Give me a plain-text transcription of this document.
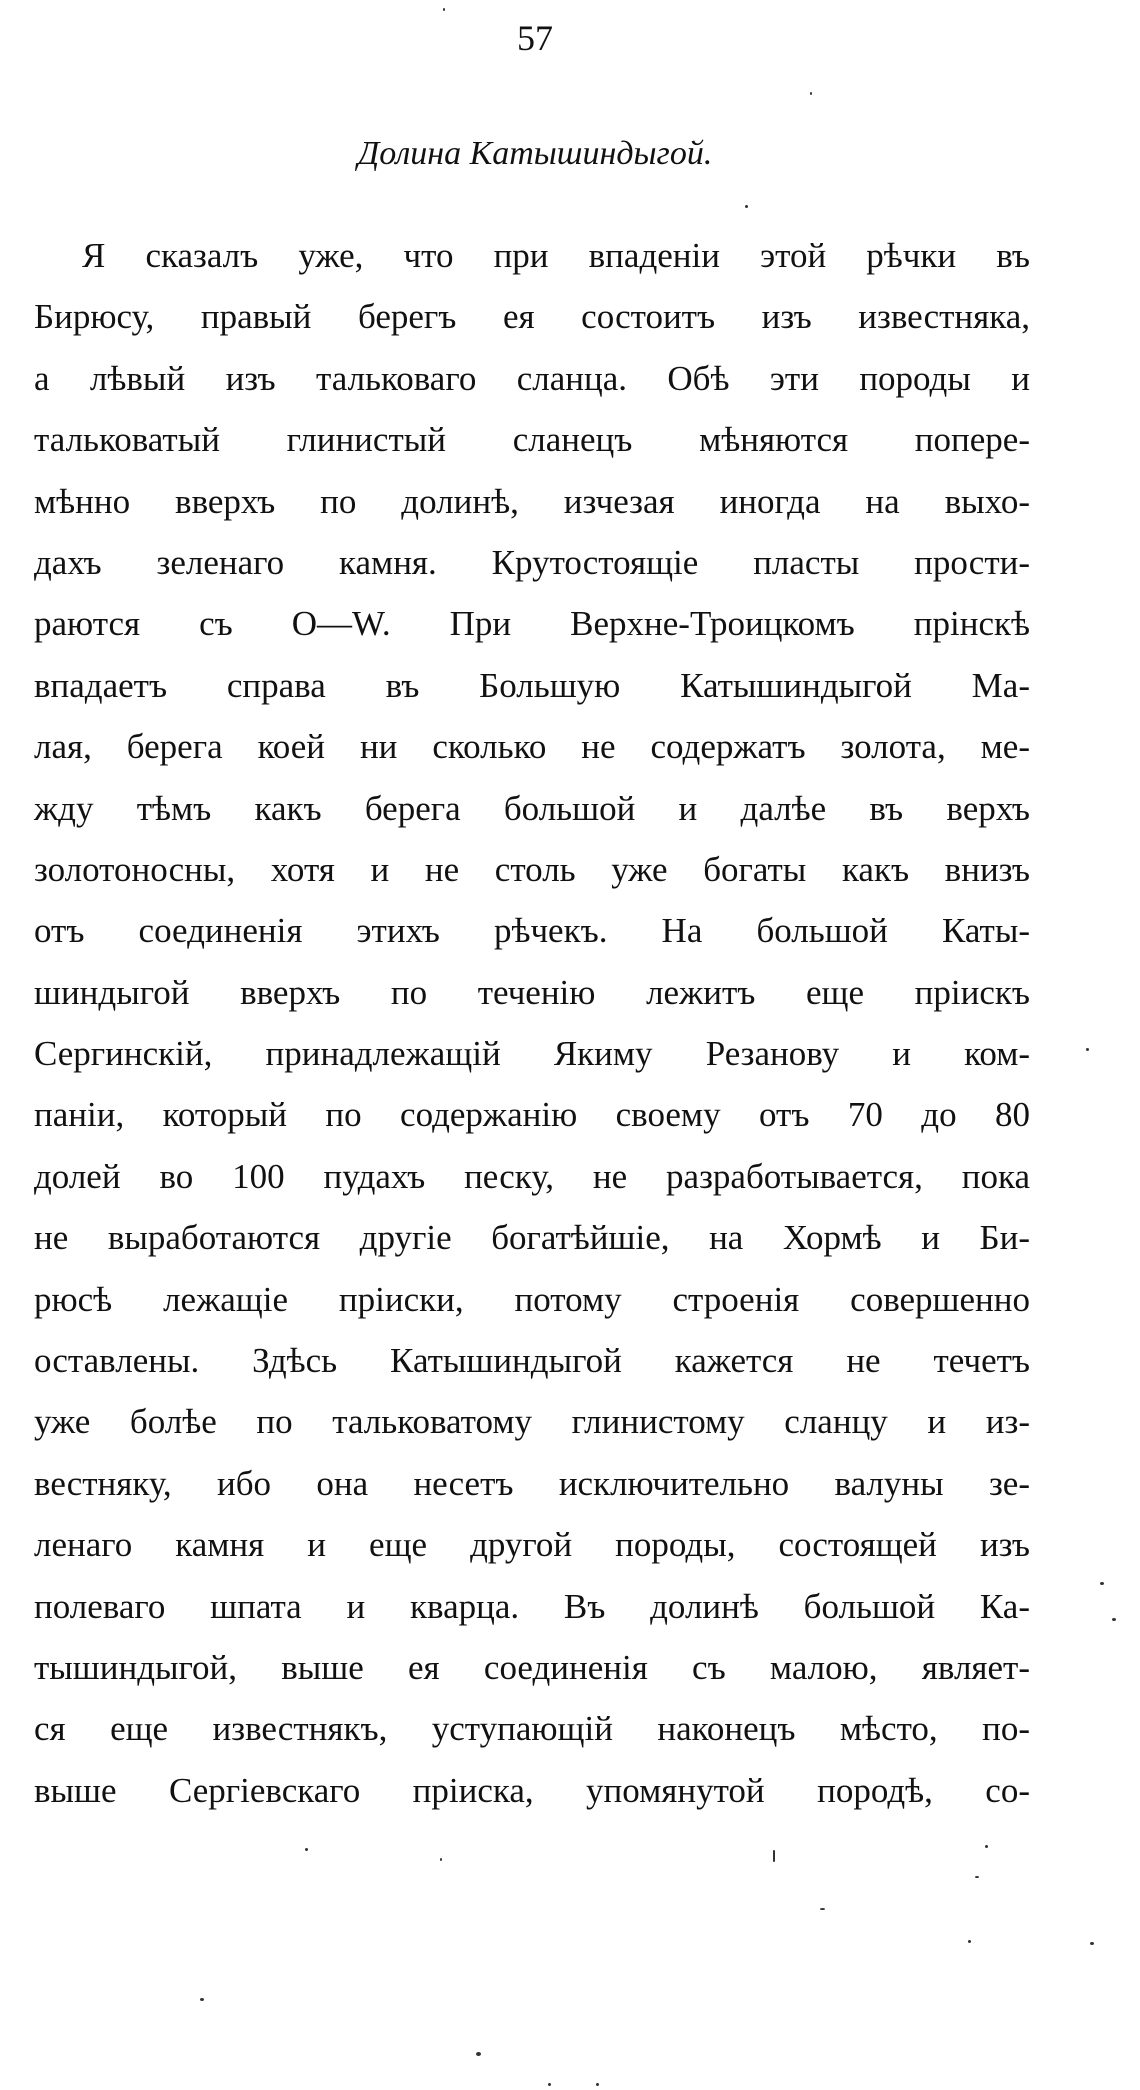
57
Долина Катышиндыгой.
Я сказалъ уже, что при впаденіи этой рѣчки въ
Бирюсу, правый берегъ ея состоитъ изъ известняка,
а лѣвый изъ тальковаго сланца. Обѣ эти породы и
тальковатый глинистый сланецъ мѣняются попере-
мѣнно вверхъ по долинѣ, изчезая иногда на выхо-
дахъ зеленаго камня. Крутостоящіе пласты прости-
раются съ О—W. При Верхне-Троицкомъ прінскѣ
впадаетъ справа въ Большую Катышиндыгой Ма-
лая, берега коей ни сколько не содержатъ золота, ме-
жду тѣмъ какъ берега большой и далѣе въ верхъ
золотоносны, хотя и не столь уже богаты какъ внизъ
отъ соединенія этихъ рѣчекъ. На большой Каты-
шиндыгой вверхъ по теченію лежитъ еще пріискъ
Сергинскій, принадлежащій Якиму Резанову и ком-
паніи, который по содержанію своему отъ 70 до 80
долей во 100 пудахъ песку, не разработывается, пока
не выработаются другіе богатѣйшіе, на Хормѣ и Би-
рюсѣ лежащіе пріиски, потому строенія совершенно
оставлены. Здѣсь Катышиндыгой кажется не течетъ
уже болѣе по тальковатому глинистому сланцу и из-
вестняку, ибо она несетъ исключительно валуны зе-
ленаго камня и еще другой породы, состоящей изъ
полеваго шпата и кварца. Въ долинѣ большой Ка-
тышиндыгой, выше ея соединенія съ малою, являет-
ся еще известнякъ, уступающій наконецъ мѣсто, по-
выше Сергіевскаго пріиска, упомянутой породѣ, со-
